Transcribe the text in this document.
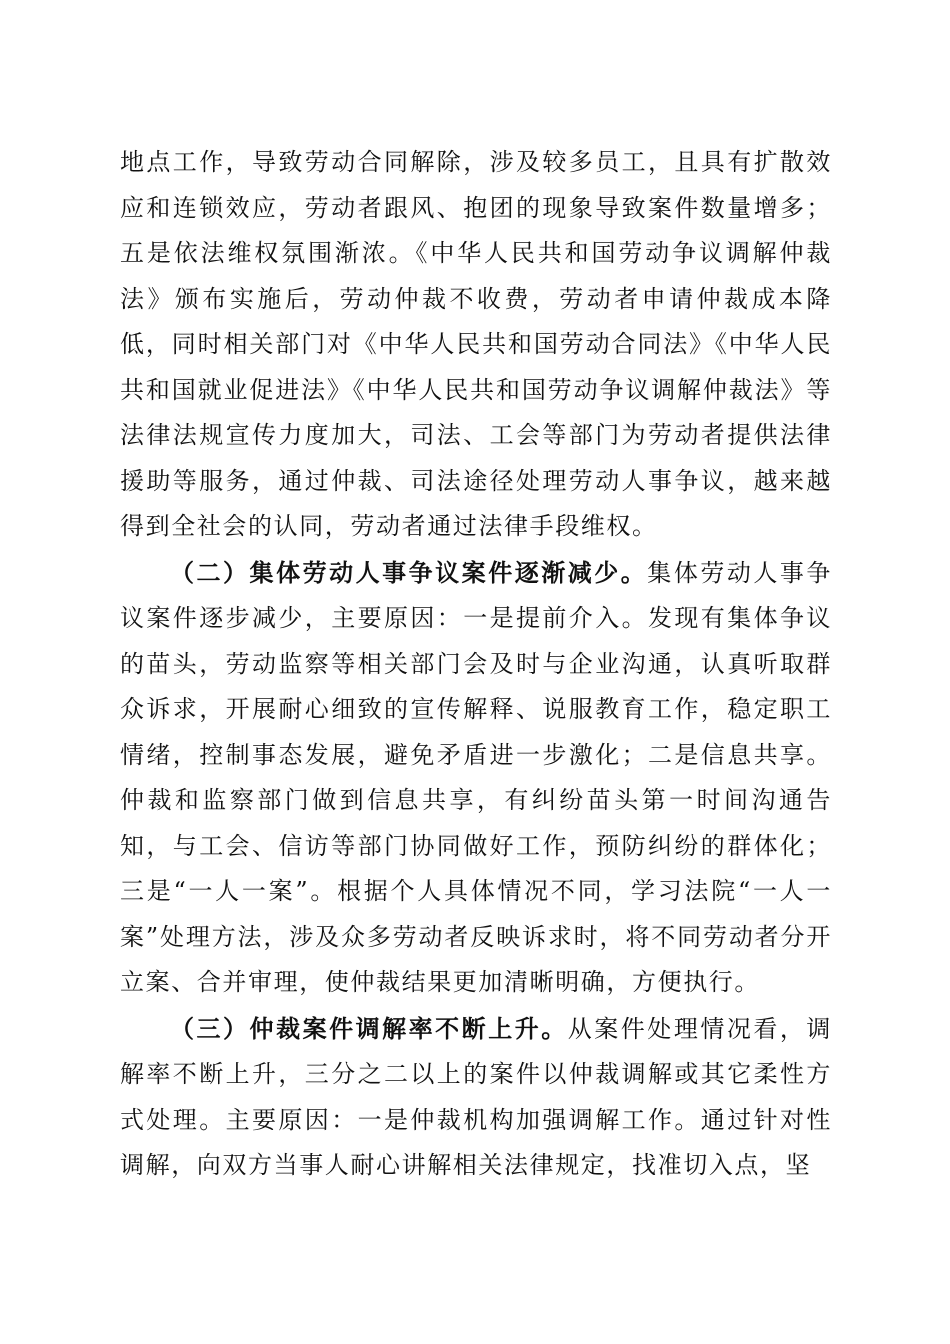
地点工作，导致劳动合同解除，涉及较多员工，且具有扩散效应和连锁效应，劳动者跟风、抱团的现象导致案件数量增多；五是依法维权氛围渐浓。《中华人民共和国劳动争议调解仲裁法》颁布实施后，劳动仲裁不收费，劳动者申请仲裁成本降低，同时相关部门对《中华人民共和国劳动合同法》《中华人民共和国就业促进法》《中华人民共和国劳动争议调解仲裁法》等法律法规宣传力度加大，司法、工会等部门为劳动者提供法律援助等服务，通过仲裁、司法途径处理劳动人事争议，越来越得到全社会的认同，劳动者通过法律手段维权。

（二）集体劳动人事争议案件逐渐减少。集体劳动人事争议案件逐步减少，主要原因：一是提前介入。发现有集体争议的苗头，劳动监察等相关部门会及时与企业沟通，认真听取群众诉求，开展耐心细致的宣传解释、说服教育工作，稳定职工情绪，控制事态发展，避免矛盾进一步激化；二是信息共享。仲裁和监察部门做到信息共享，有纠纷苗头第一时间沟通告知，与工会、信访等部门协同做好工作，预防纠纷的群体化；三是“一人一案”。根据个人具体情况不同，学习法院“一人一案”处理方法，涉及众多劳动者反映诉求时，将不同劳动者分开立案、合并审理，使仲裁结果更加清晰明确，方便执行。

（三）仲裁案件调解率不断上升。从案件处理情况看，调解率不断上升，三分之二以上的案件以仲裁调解或其它柔性方式处理。主要原因：一是仲裁机构加强调解工作。通过针对性调解，向双方当事人耐心讲解相关法律规定，找准切入点，坚
